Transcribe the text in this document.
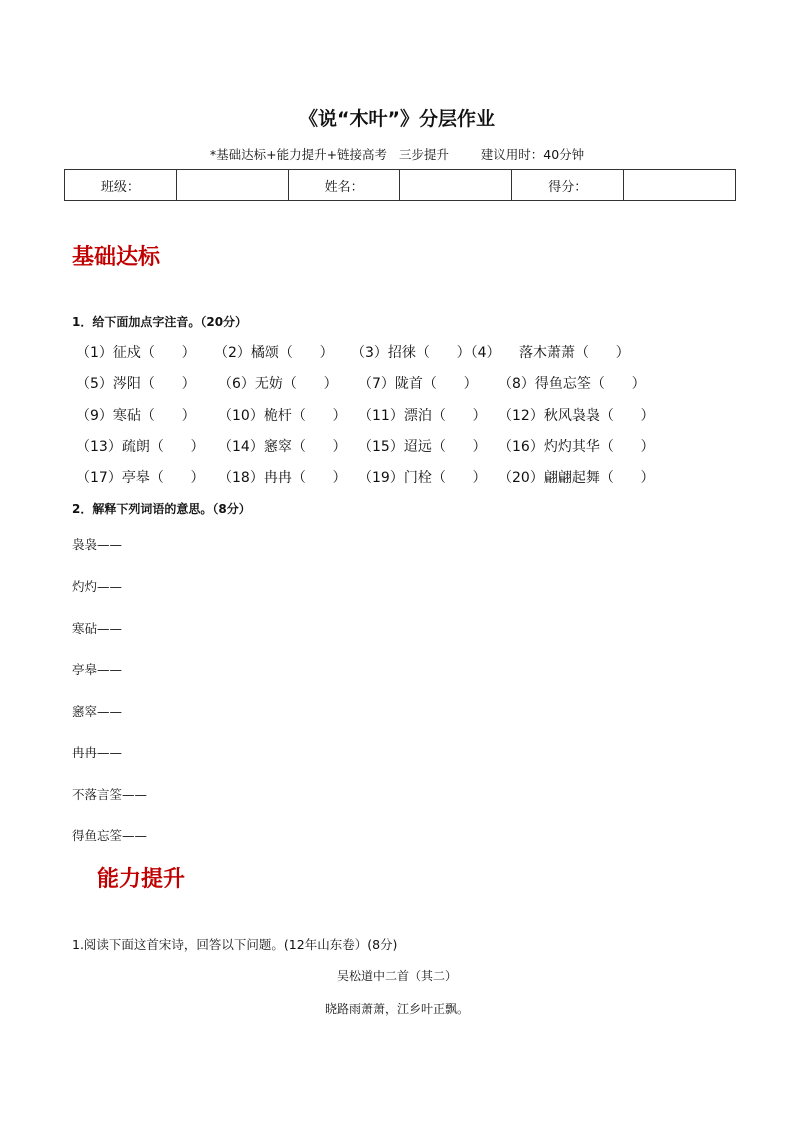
《说“木叶”》分层作业
*基础达标+能力提升+链接高考   三步提升        建议用时：40分钟
班级：		姓名：		得分：	
基础达标
1．给下面加点字注音。（20分）

（1）征戍（      ）

（2）橘颂（      ）

（3）招徕（      ）（4）

落木萧萧（      ）

（5）涔阳（      ）

（6）无妨（      ）

（7）陇首（      ）

（8）得鱼忘筌（      ）

（9）寒砧（      ）

（10）桅杆（      ）

（11）漂泊（      ）

（12）秋风袅袅（      ）

（13）疏朗（      ）

（14）窸窣（      ）

（15）迢远（      ）

（16）灼灼其华（      ）

（17）亭皋（      ）

（18）冉冉（      ）

（19）门栓（      ）

（20）翩翩起舞（      ）

2．解释下列词语的意思。（8分）
袅袅——
灼灼——
寒砧——
亭皋——
窸窣——
冉冉——
不落言筌——
得鱼忘筌——
能力提升
1.阅读下面这首宋诗，回答以下问题。(12年山东卷）(8分)
吴松道中二首（其二）
晓路雨萧萧，江乡叶正飘。
